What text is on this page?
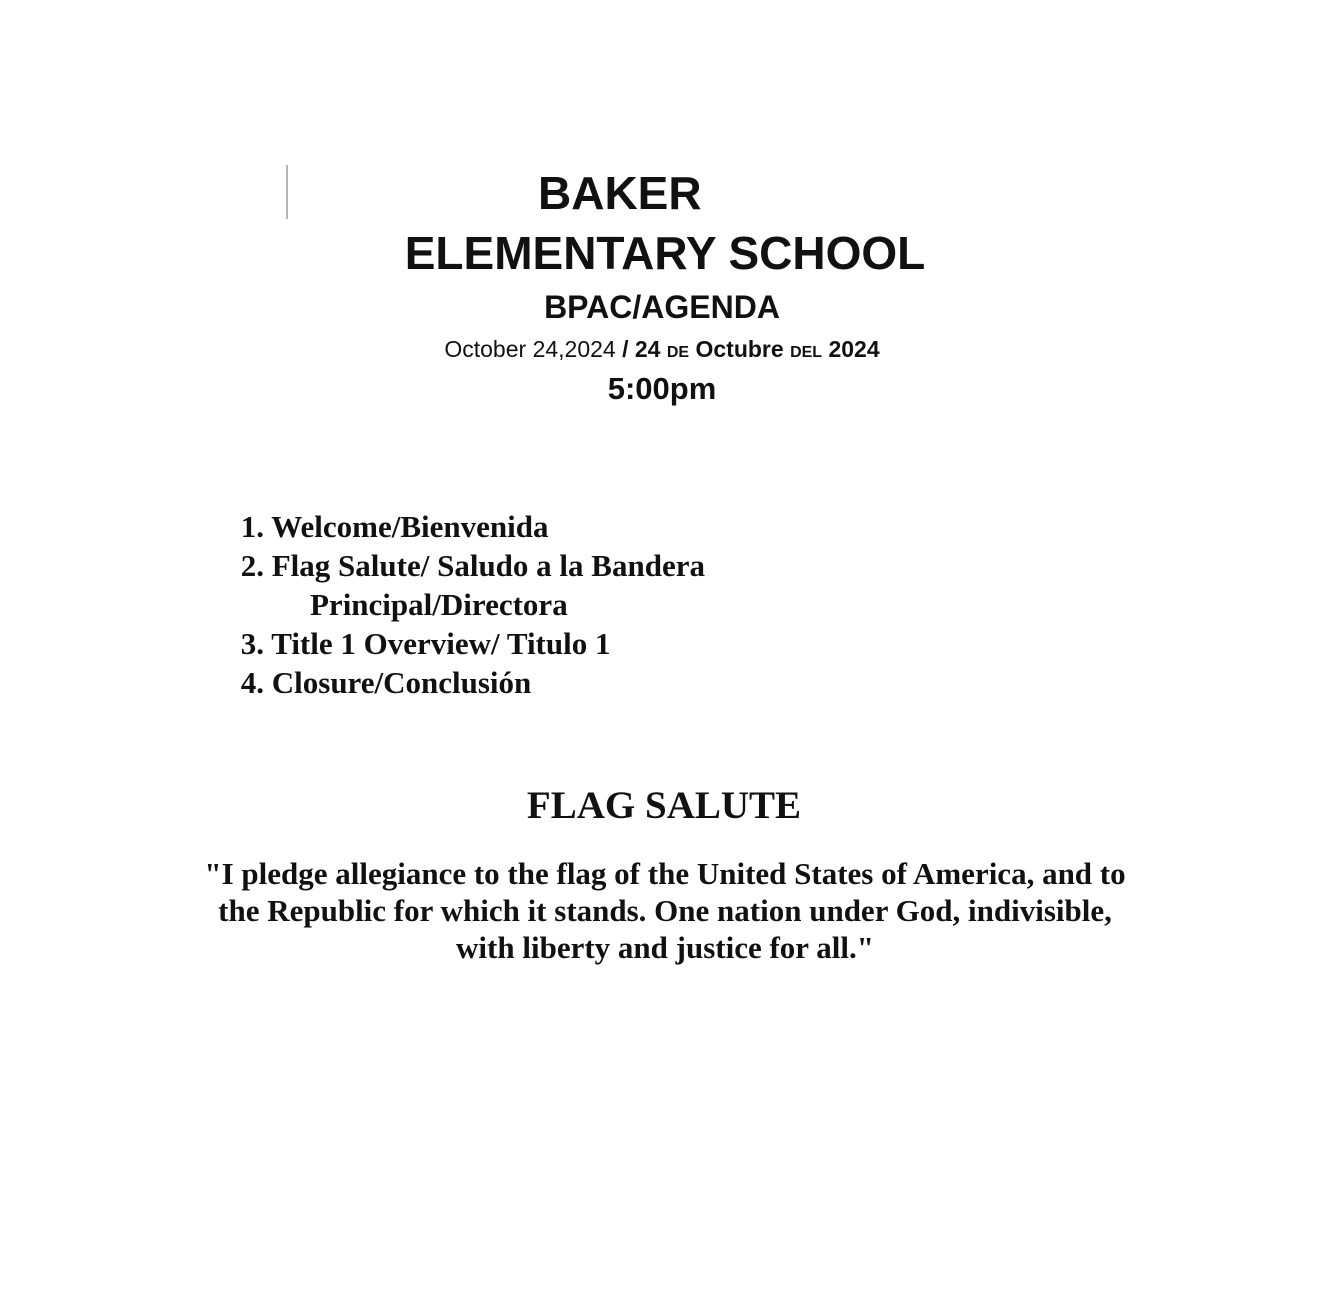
BAKER
ELEMENTARY SCHOOL
BPAC/AGENDA
October 24,2024 / 24 DE Octubre DEL 2024
5:00pm
1. Welcome/Bienvenida
2. Flag Salute/ Saludo a la Bandera
Principal/Directora
3. Title 1 Overview/ Titulo 1
4. Closure/Conclusión
FLAG SALUTE
"I pledge allegiance to the flag of the United States of America, and to the Republic for which it stands. One nation under God, indivisible, with liberty and justice for all."
